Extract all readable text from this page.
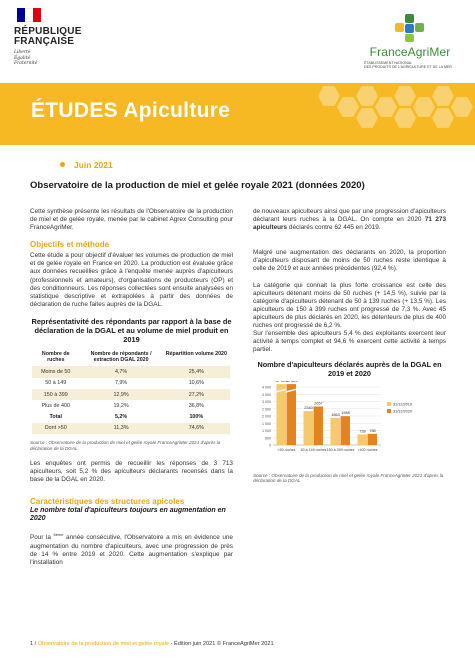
RÉPUBLIQUE
FRANÇAISE
Liberté
Égalité
Fraternité
FranceAgriMer
ÉTABLISSEMENT NATIONAL
DES PRODUITS DE L'AGRICULTURE ET DE LA MER
ÉTUDES Apiculture
Juin 2021
Observatoire de la production de miel et gelée royale 2021 (données 2020)

Cette synthèse présente les résultats de l'Observatoire de la production de miel et de gelée royale, menée par le cabinet Agrex Consulting pour FranceAgriMer.

Objectifs et méthode

Cette étude a pour objectif d'évaluer les volumes de production de miel et de gelée royale en France en 2020. La production est évaluée grâce aux données recueillies grâce à l'enquête menée auprès d'apiculteurs (professionnels et amateurs), d'organisations de producteurs (OP) et des conditionneurs. Les réponses collectées sont ensuite analysées en statistique descriptive et extrapolées à partir des données de déclaration de ruche faites auprès de la DGAL.

Représentativité des répondants par rapport à la base de déclaration de la DGAL et au volume de miel produit en 2019
Nombre de ruches	Nombre de répondants / extraction DGAL 2020	Répartition volume 2020
Moins de 50	4,7%	25,4%
50 à 149	7,9%	10,6%
150 à 399	12,9%	27,2%
Plus de 400	19,2%	36,8%
Total	5,2%	100%
Dont >50	11,3%	74,6%
Source : Observatoire de la production de miel et gelée royale FranceAgriMer 2021 d'après la déclaration de la DGAL

Les enquêtes ont permis de recueillir les réponses de 3 713 apiculteurs, soit 5,2 % des apiculteurs déclarants recensés dans la base de la DGAL en 2020.

Caractéristiques des structures apicoles
Le nombre total d'apiculteurs toujours en augmentation en 2020

Pour la $^{6ème}$ année consécutive, l'Observatoire a mis en évidence une augmentation du nombre d'apiculteurs, avec une progression de près de 14 % entre 2019 et 2020. Cette augmentation s'explique par l'installation

de nouveaux apiculteurs ainsi que par une progression d'apiculteurs déclarant leurs ruches à la DGAL. On compte en 2020 71 273 apiculteurs déclarés contre 62 445 en 2019.

Malgré une augmentation des déclarants en 2020, la proportion d'apiculteurs disposant de moins de 50 ruches reste identique à celle de 2019 et aux années précédentes (92,4 %).

La catégorie qui connait la plus forte croissance est celle des apiculteurs détenant moins de 50 ruches (+ 14,5 %), suivie par la catégorie d'apiculteurs détenant de 50 à 139 ruches (+ 13,5 %). Les apiculteurs de 150 à 399 ruches ont progressé de 7,3 %. Avec 45 apiculteurs de plus déclarés en 2020, les détenteurs de plus de 400 ruches ont progressé de 6,2 %.

Sur l'ensemble des apiculteurs 5,4 % des exploitants exercent leur activité à temps complet et 94,6 % exercent cette activité à temps partiel.

Nombre d'apiculteurs déclarés auprès de la DGAL en 2019 et 2020
0
500
1 000
1 500
2 000
2 500
3 000
3 500
4 000
57 523
65 883
<50 ruches
2340
2657
50 à 149 ruches
1863 1988
150 à 399 ruches
728 768
>400 ruches
31/12/2019
31/12/2020
Source : Observatoire de la production de miel et gelée royale FranceAgriMer 2021 d'après la déclaration de la DGAL
1 / Observatoire de la production de miel et gelée royale - Édition juin 2021 © FranceAgriMer 2021
